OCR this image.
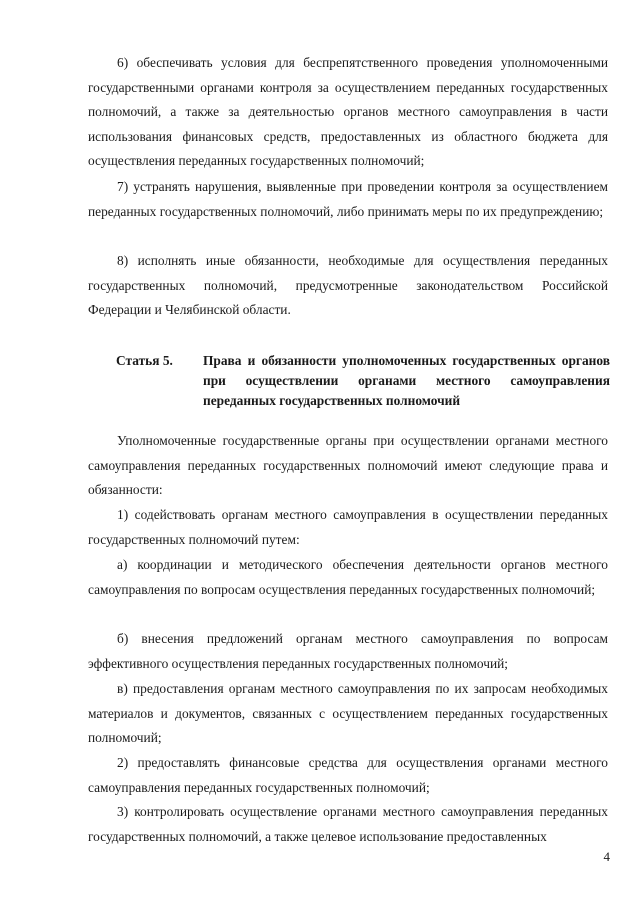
6) обеспечивать условия для беспрепятственного проведения уполномоченными государственными органами контроля за осуществлением переданных государственных полномочий, а также за деятельностью органов местного самоуправления в части использования финансовых средств, предоставленных из областного бюджета для осуществления переданных государственных полномочий;

7) устранять нарушения, выявленные при проведении контроля за осуществлением переданных государственных полномочий, либо принимать меры по их предупреждению;

8) исполнять иные обязанности, необходимые для осуществления переданных государственных полномочий, предусмотренные законодательством Российской Федерации и Челябинской области.

Статья 5. Права и обязанности уполномоченных государственных органов при осуществлении органами местного самоуправления переданных государственных полномочий

Уполномоченные государственные органы при осуществлении органами местного самоуправления переданных государственных полномочий имеют следующие права и обязанности:

1) содействовать органам местного самоуправления в осуществлении переданных государственных полномочий путем:

а) координации и методического обеспечения деятельности органов местного самоуправления по вопросам осуществления переданных государственных полномочий;

б) внесения предложений органам местного самоуправления по вопросам эффективного осуществления переданных государственных полномочий;

в) предоставления органам местного самоуправления по их запросам необходимых материалов и документов, связанных с осуществлением переданных государственных полномочий;

2) предоставлять финансовые средства для осуществления органами местного самоуправления переданных государственных полномочий;

3) контролировать осуществление органами местного самоуправления переданных государственных полномочий, а также целевое использование предоставленных

4
